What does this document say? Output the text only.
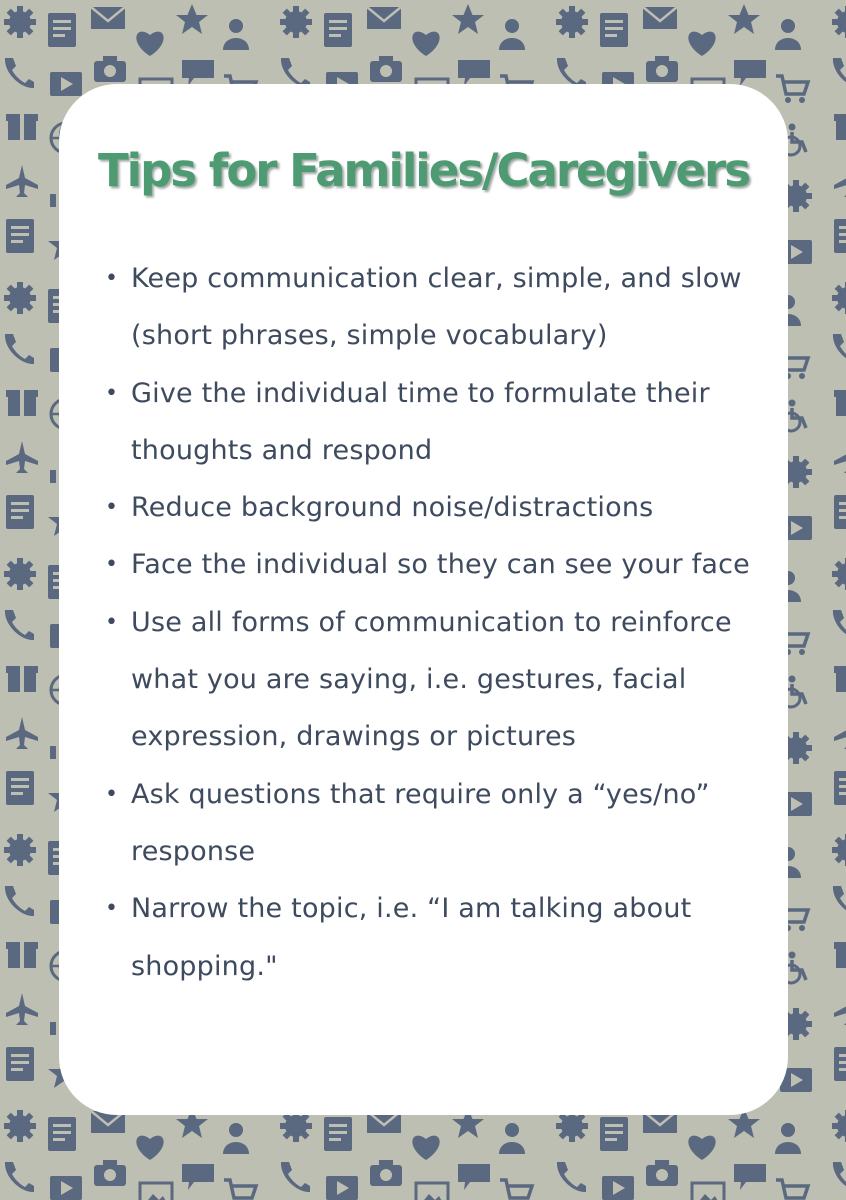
Tips for Families/Caregivers
• Keep communication clear, simple, and slow (short phrases, simple vocabulary)
• Give the individual time to formulate their thoughts and respond
• Reduce background noise/distractions
• Face the individual so they can see your face
• Use all forms of communication to reinforce what you are saying, i.e. gestures, facial expression, drawings or pictures
• Ask questions that require only a “yes/no” response
• Narrow the topic, i.e. “I am talking about shopping."
